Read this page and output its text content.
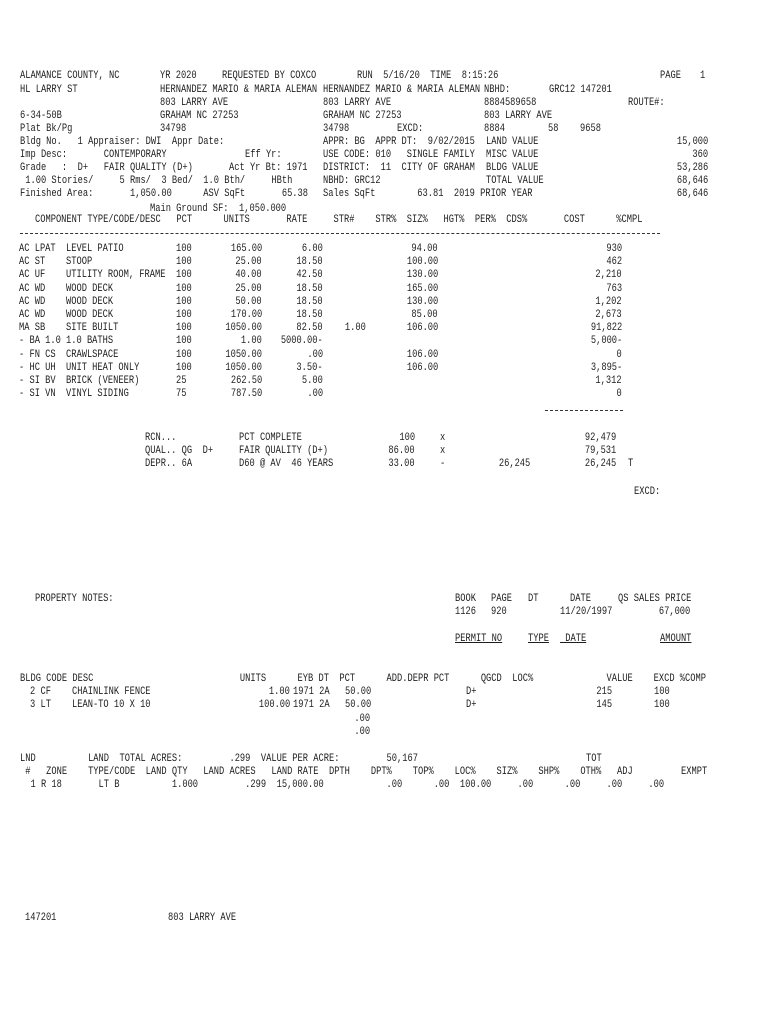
ALAMANCE COUNTY, NC	YR 2020 REQUESTED BY COXCO	RUN  5/16/20  TIME  8:15:26	PAGE 1
HL LARRY ST	HERNANDEZ MARIO & MARIA ALEMAN HERNANDEZ MARIO & MARIA ALEMAN NBHD:	GRC12 147201
803 LARRY AVE	803 LARRY AVE	8884589658	ROUTE#:
6-34-50B	GRAHAM NC 27253	GRAHAM NC 27253	803 LARRY AVE
Plat Bk/Pg	34798	34798	EXCD:	8884	58 9658
Bldg No.   1 Appraiser: DWI  Appr Date:	APPR: BG  APPR DT:  9/02/2015 LAND VALUE	15,000
Imp Desc:       CONTEMPORARY	Eff Yr:	USE CODE: 010   SINGLE FAMILY MISC VALUE	360
Grade   :  D+   FAIR QUALITY (D+)	Act Yr Bt: 1971 DISTRICT:  11  CITY OF GRAHAM BLDG VALUE	53,286
1.00 Stories/     5 Rms/  3 Bed/  1.0 Bth/     HBth	NBHD: GRC12	TOTAL VALUE	68,646
Finished Area:       1,050.00      ASV SqFt       65.38 Sales SqFt        63.81  2019 PRIOR YEAR	68,646
Main Ground SF:  1,050.000
COMPONENT TYPE/CODE/DESC   PCT      UNITS       RATE     STR#    STR%  SIZ%   HGT%  PER%  CDS%       COST      %CMPL
AC LPAT LEVEL PATIO	100	165.00	6.00	94.00	930
AC ST STOOP	100	25.00	18.50	100.00	462
AC UF UTILITY ROOM, FRAME 100	40.00	42.50	130.00	2,210
AC WD WOOD DECK	100	25.00	18.50	165.00	763
AC WD WOOD DECK	100	50.00	18.50	130.00	1,202
AC WD WOOD DECK	100	170.00	18.50	85.00	2,673
MA SB SITE BUILT	100	1050.00	82.50 1.00	106.00	91,822
- BA 1.0 1.0 BATHS	100	1.00 5000.00-	5,000-
- FN CS CRAWLSPACE	100	1050.00	.00	106.00	0
- HC UH UNIT HEAT ONLY	100	1050.00	3.50-	106.00	3,895-
- SI BV BRICK (VENEER)	25	262.50	5.00	1,312
- SI VN VINYL SIDING	75	787.50	.00	0
RCN...	PCT COMPLETE	100 x	92,479
QUAL.. QG  D+ FAIR QUALITY (D+)	86.00 x	79,531
DEPR.. 6A	D60 @ AV  46 YEARS	33.00 -	26,245	26,245 T
EXCD:
PROPERTY NOTES:	BOOK PAGE DT	DATE QS SALES PRICE
1126 920	11/20/1997	67,000
PERMIT NO TYPE DATE	AMOUNT
BLDG CODE DESC                            UNITS      EYB DT  PCT      ADD.DEPR PCT      QGCD  LOC%              VALUE    EXCD %COMP
2 CF CHAINLINK FENCE	1.00 1971 2A 50.00	D+	215	100
3 LT LEAN-TO 10 X 10	100.00 1971 2A 50.00	D+	145	100
.00
.00
LND          LAND  TOTAL ACRES:         .299  VALUE PER ACRE:         50,167	TOT
#   ZONE    TYPE/CODE  LAND QTY   LAND ACRES   LAND RATE  DPTH    DPT%    TOP%    LOC%    SIZ%    SHP%    OTH%   ADJ	EXMPT
1 R 18       LT B          1.000         .299  15,000.00            .00      .00  100.00     .00      .00     .00     .00
147201	803 LARRY AVE
